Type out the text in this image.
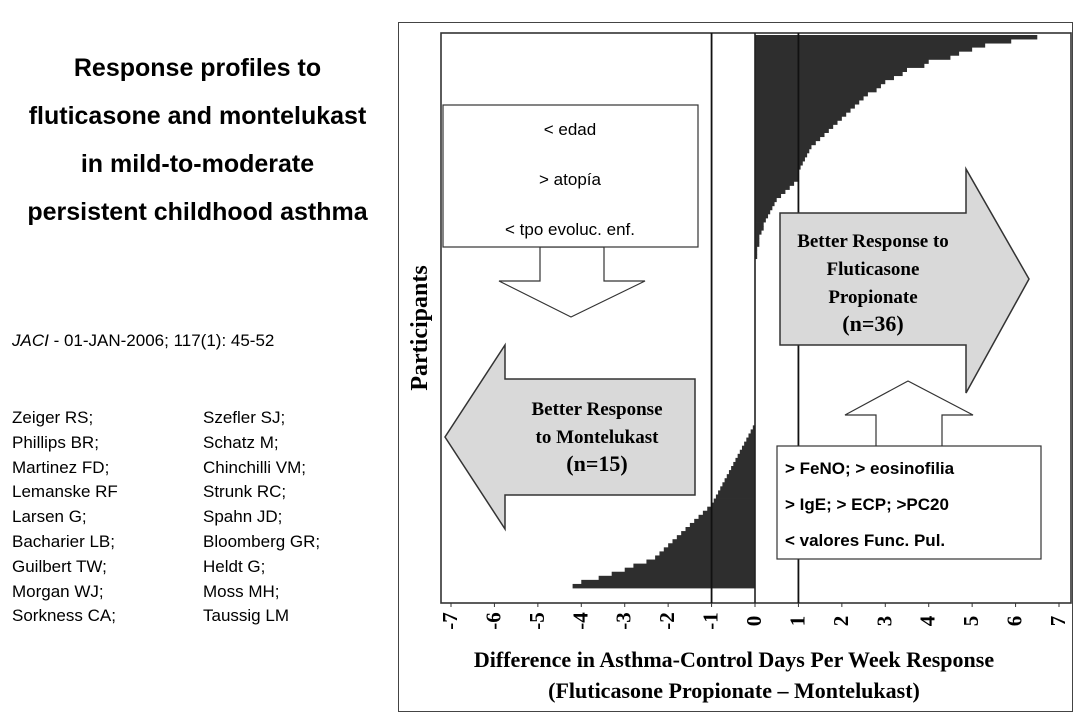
Response profiles to fluticasone and montelukast in mild-to-moderate persistent childhood asthma
JACI - 01-JAN-2006; 117(1): 45-52
Zeiger RS;
Phillips BR;
Martinez FD;
Lemanske RF
Larsen G;
Bacharier LB;
Guilbert TW;
Morgan WJ;
Sorkness CA;
Szefler SJ;
Schatz M;
Chinchilli VM;
Strunk RC;
Spahn JD;
Bloomberg GR;
Heldt G;
Moss MH;
Taussig LM	-7 -6 -5 -4 -3 -2 -1 0 1 2 3 4 5 6 7
Better Response
to Montelukast
(n=15)
Better Response to
Fluticasone
Propionate
(n=36)
< edad
> atopía
< tpo evoluc. enf.
> FeNO; > eosinofilia
> IgE; > ECP; >PC20
< valores Func. Pul.
Participants
Difference in Asthma-Control Days Per Week Response
(Fluticasone Propionate – Montelukast)
